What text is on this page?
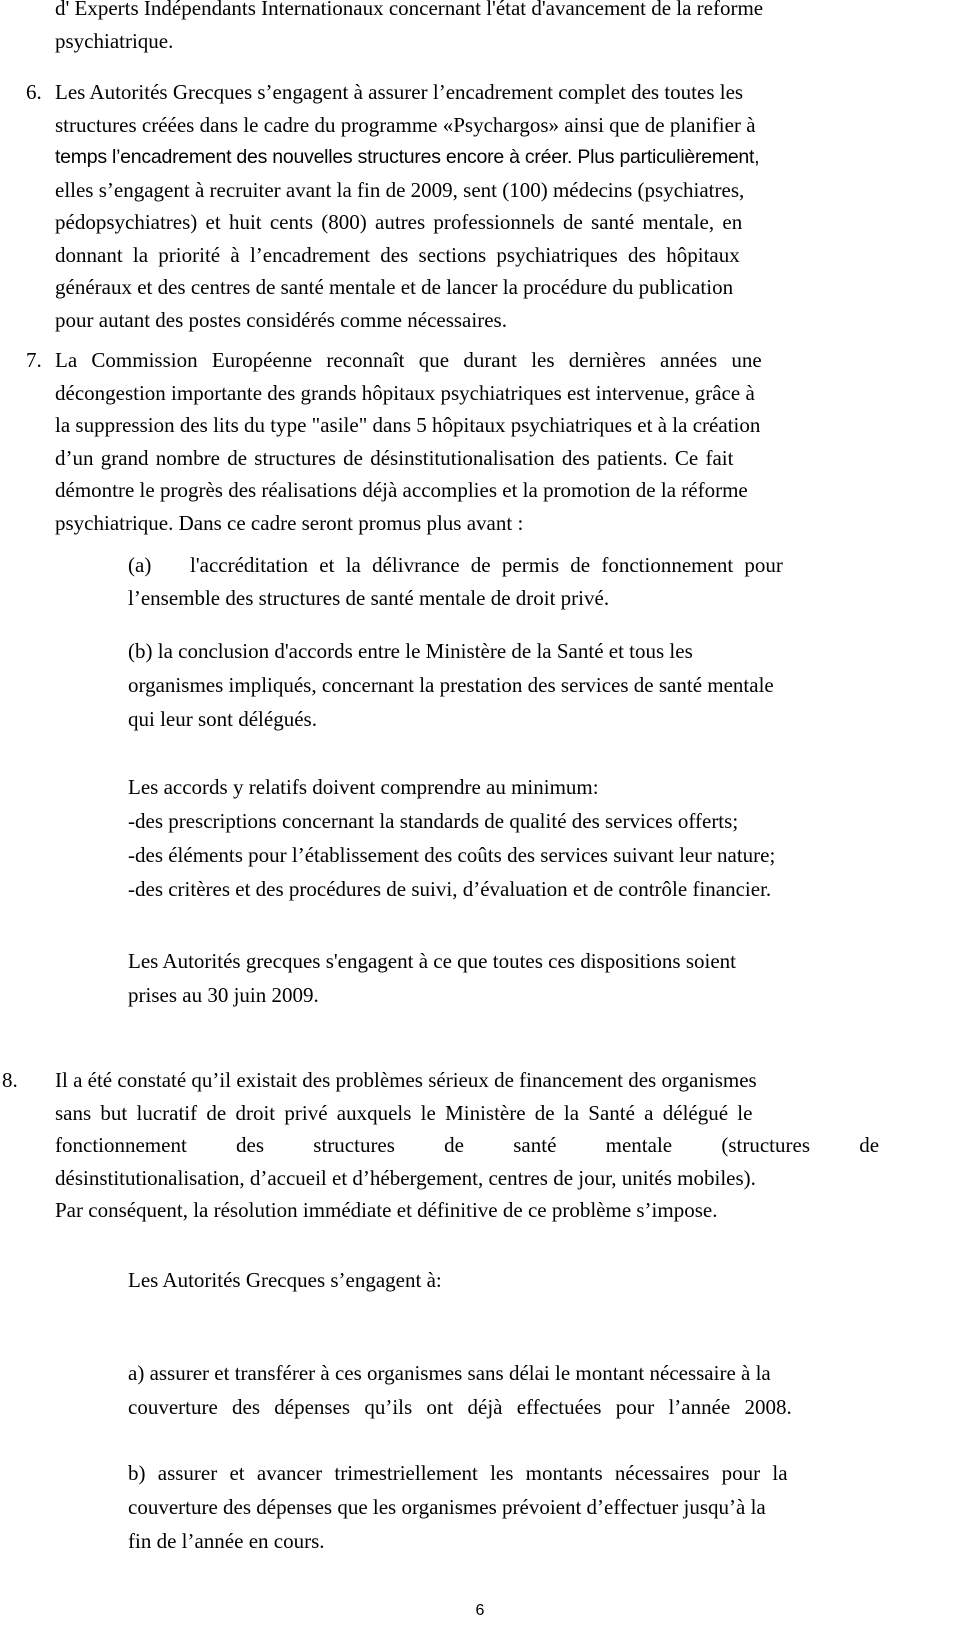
d' Experts Indépendants Internationaux concernant l'état d'avancement de la reforme
psychiatrique.
6. Les Autorités Grecques s’engagent à assurer l’encadrement complet des toutes les
structures créées dans le cadre du programme «Psychargos» ainsi que de planifier à
temps l’encadrement des nouvelles structures encore à créer. Plus particulièrement,
elles s’engagent à recruiter avant la fin de 2009, sent (100) médecins (psychiatres,
pédopsychiatres) et huit cents (800) autres professionnels de santé mentale, en
donnant la priorité à l’encadrement des sections psychiatriques des hôpitaux
généraux et des centres de santé mentale et de lancer la procédure du publication
pour autant des postes considérés comme nécessaires.
7. La Commission Européenne reconnaît que durant les dernières années une
décongestion importante des grands hôpitaux psychiatriques est intervenue, grâce à
la suppression des lits du type "asile" dans 5 hôpitaux psychiatriques et à la création
d’un grand nombre de structures de désinstitutionalisation des patients. Ce fait
démontre le progrès des réalisations déjà accomplies et la promotion de la réforme
psychiatrique. Dans ce cadre seront promus plus avant :
(a) l'accréditation et la délivrance de permis de fonctionnement pour
l’ensemble des structures de santé mentale de droit privé.
(b) la conclusion d'accords entre le Ministère de la Santé et tous les
organismes impliqués, concernant la prestation des services de santé mentale
qui leur sont délégués.
Les accords y relatifs doivent comprendre au minimum:
-des prescriptions concernant la standards de qualité des services offerts;
-des éléments pour l’établissement des coûts des services suivant leur nature;
-des critères et des procédures de suivi, d’évaluation et de contrôle financier.
Les Autorités grecques s'engagent à ce que toutes ces dispositions soient
prises au 30 juin 2009.
8. Il a été constaté qu’il existait des problèmes sérieux de financement des organismes
sans but lucratif de droit privé auxquels le Ministère de la Santé a délégué le
fonctionnement des structures de santé mentale (structures de
désinstitutionalisation, d’accueil et d’hébergement, centres de jour, unités mobiles).
Par conséquent, la résolution immédiate et définitive de ce problème s’impose.
Les Autorités Grecques s’engagent à:
a) assurer et transférer à ces organismes sans délai le montant nécessaire à la
couverture des dépenses qu’ils ont déjà effectuées pour l’année 2008.
b) assurer et avancer trimestriellement les montants nécessaires pour la
couverture des dépenses que les organismes prévoient d’effectuer jusqu’à la
fin de l’année en cours.
6
